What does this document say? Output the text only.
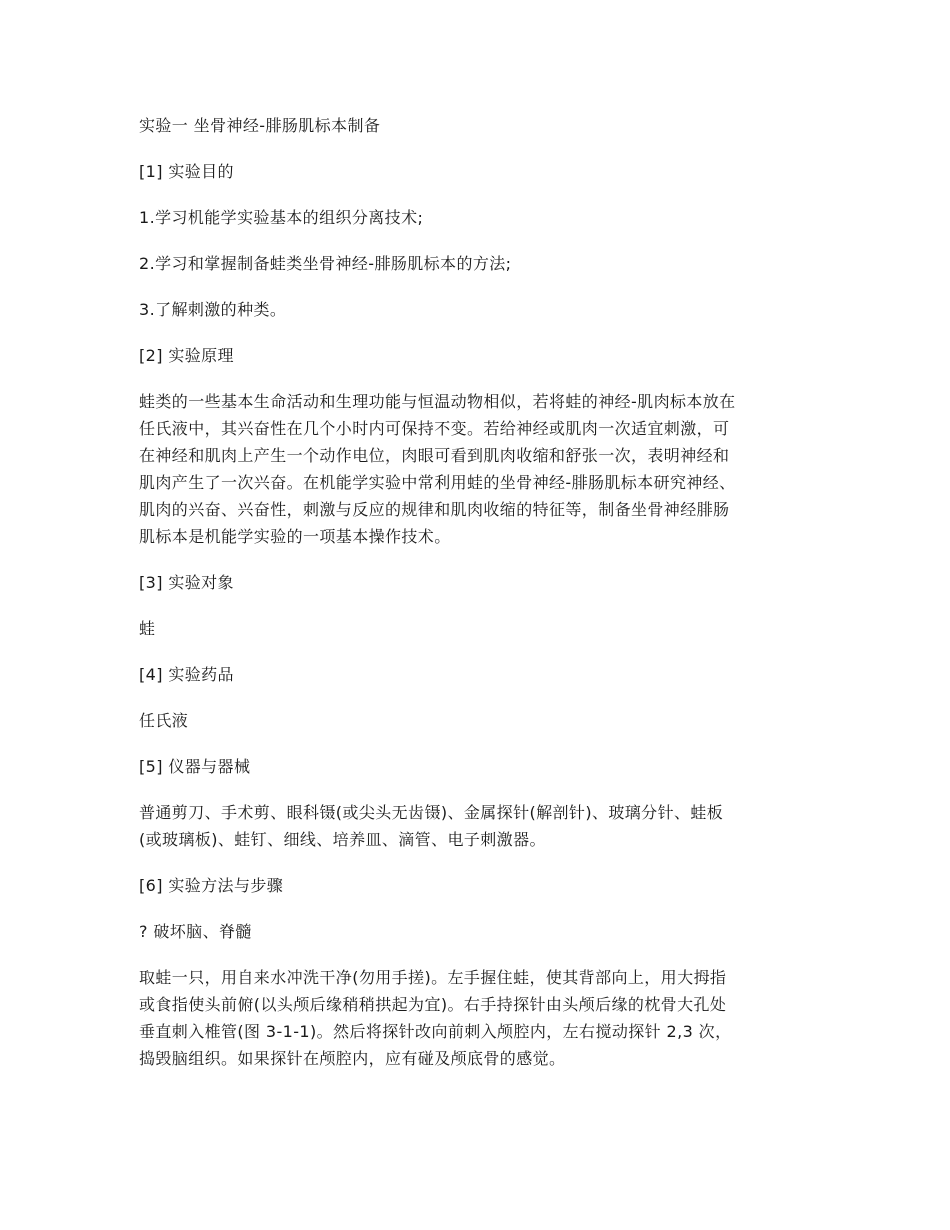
实验一 坐骨神经-腓肠肌标本制备

[1] 实验目的

1.学习机能学实验基本的组织分离技术;

2.学习和掌握制备蛙类坐骨神经-腓肠肌标本的方法;

3.了解刺激的种类。

[2] 实验原理

蛙类的一些基本生命活动和生理功能与恒温动物相似，若将蛙的神经-肌肉标本放在

任氏液中，其兴奋性在几个小时内可保持不变。若给神经或肌肉一次适宜刺激，可

在神经和肌肉上产生一个动作电位，肉眼可看到肌肉收缩和舒张一次，表明神经和

肌肉产生了一次兴奋。在机能学实验中常利用蛙的坐骨神经-腓肠肌标本研究神经、

肌肉的兴奋、兴奋性，刺激与反应的规律和肌肉收缩的特征等，制备坐骨神经腓肠

肌标本是机能学实验的一项基本操作技术。

[3] 实验对象

蛙

[4] 实验药品

任氏液

[5] 仪器与器械

普通剪刀、手术剪、眼科镊(或尖头无齿镊)、金属探针(解剖针)、玻璃分针、蛙板

(或玻璃板)、蛙钉、细线、培养皿、滴管、电子刺激器。

[6] 实验方法与步骤

? 破坏脑、脊髓

取蛙一只，用自来水冲洗干净(勿用手搓)。左手握住蛙，使其背部向上，用大拇指

或食指使头前俯(以头颅后缘稍稍拱起为宜)。右手持探针由头颅后缘的枕骨大孔处

垂直刺入椎管(图 3-1-1)。然后将探针改向前刺入颅腔内，左右搅动探针 2,3 次，

捣毁脑组织。如果探针在颅腔内，应有碰及颅底骨的感觉。
